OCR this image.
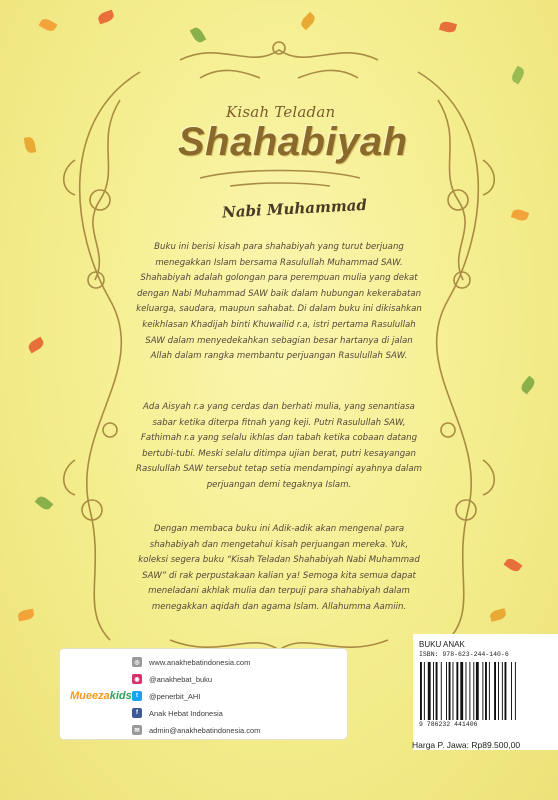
Kisah Teladan
Shahabiyah
Nabi Muhammad
Buku ini berisi kisah para shahabiyah yang turut berjuang menegakkan Islam bersama Rasulullah Muhammad SAW. Shahabiyah adalah golongan para perempuan mulia yang dekat dengan Nabi Muhammad SAW baik dalam hubungan kekerabatan keluarga, saudara, maupun sahabat. Di dalam buku ini dikisahkan keikhlasan Khadijah binti Khuwailid r.a, istri pertama Rasulullah SAW dalam menyedekahkan sebagian besar hartanya di jalan Allah dalam rangka membantu perjuangan Rasulullah SAW.
Ada Aisyah r.a yang cerdas dan berhati mulia, yang senantiasa sabar ketika diterpa fitnah yang keji. Putri Rasulullah SAW, Fathimah r.a yang selalu ikhlas dan tabah ketika cobaan datang bertubi-tubi. Meski selalu ditimpa ujian berat, putri kesayangan Rasulullah SAW tersebut tetap setia mendampingi ayahnya dalam perjuangan demi tegaknya Islam.
Dengan membaca buku ini Adik-adik akan mengenal para shahabiyah dan mengetahui kisah perjuangan mereka. Yuk, koleksi segera buku “Kisah Teladan Shahabiyah Nabi Muhammad SAW” di rak perpustakaan kalian ya! Semoga kita semua dapat meneladani akhlak mulia dan terpuji para shahabiyah dalam menegakkan aqidah dan agama Islam. Allahumma Aamiin.
Mueezakids
◎	www.anakhebatindonesia.com
◉	@anakhebat_buku
t	@penerbit_AHI
f	Anak Hebat Indonesia
✉	admin@anakhebatindonesia.com
BUKU ANAK
ISBN: 978-623-244-140-6
9 786232 441406
Harga P. Jawa: Rp89.500,00
